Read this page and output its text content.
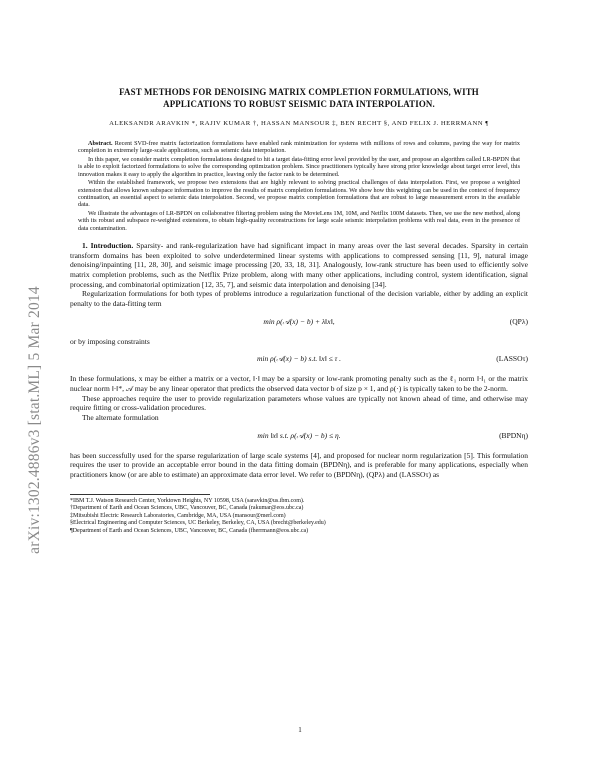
arXiv:1302.4886v3 [stat.ML] 5 Mar 2014
FAST METHODS FOR DENOISING MATRIX COMPLETION FORMULATIONS, WITH
APPLICATIONS TO ROBUST SEISMIC DATA INTERPOLATION.
ALEKSANDR ARAVKIN *, RAJIV KUMAR †, HASSAN MANSOUR ‡, BEN RECHT §, AND FELIX J. HERRMANN ¶

Abstract. Recent SVD-free matrix factorization formulations have enabled rank minimization for systems with millions of rows and columns, paving the way for matrix completion in extremely large-scale applications, such as seismic data interpolation.

In this paper, we consider matrix completion formulations designed to hit a target data-fitting error level provided by the user, and propose an algorithm called LR-BPDN that is able to exploit factorized formulations to solve the corresponding optimization problem. Since practitioners typically have strong prior knowledge about target error level, this innovation makes it easy to apply the algorithm in practice, leaving only the factor rank to be determined.

Within the established framework, we propose two extensions that are highly relevant to solving practical challenges of data interpolation. First, we propose a weighted extension that allows known subspace information to improve the results of matrix completion formulations. We show how this weighting can be used in the context of frequency continuation, an essential aspect to seismic data interpolation. Second, we propose matrix completion formulations that are robust to large measurement errors in the available data.

We illustrate the advantages of LR-BPDN on collaborative filtering problem using the MovieLens 1M, 10M, and Netflix 100M datasets. Then, we use the new method, along with its robust and subspace re-weighted extensions, to obtain high-quality reconstructions for large scale seismic interpolation problems with real data, even in the presence of data contamination.

1. Introduction. Sparsity- and rank-regularization have had significant impact in many areas over the last several decades. Sparsity in certain transform domains has been exploited to solve underdetermined linear systems with applications to compressed sensing [11, 9], natural image denoising/inpainting [11, 28, 30], and seismic image processing [20, 33, 18, 31]. Analogously, low-rank structure has been used to efficiently solve matrix completion problems, such as the Netflix Prize problem, along with many other applications, including control, system identification, signal processing, and combinatorial optimization [12, 35, 7], and seismic data interpolation and denoising [34].

Regularization formulations for both types of problems introduce a regularization functional of the decision variable, either by adding an explicit penalty to the data-fitting term

min ρ(𝒜(x) − b) + λ‖x‖,	(QPλ)

or by imposing constraints

min ρ(𝒜(x) − b) s.t. ‖x‖ ≤ τ .	(LASSOτ)

In these formulations, x may be either a matrix or a vector, ‖·‖ may be a sparsity or low-rank promoting penalty such as the ℓ₁ norm ‖·‖₁ or the matrix nuclear norm ‖·‖*, 𝒜 may be any linear operator that predicts the observed data vector b of size p × 1, and ρ(·) is typically taken to be the 2-norm.

These approaches require the user to provide regularization parameters whose values are typically not known ahead of time, and otherwise may require fitting or cross-validation procedures.

The alternate formulation

min ‖x‖ s.t. ρ(𝒜(x) − b) ≤ η.	(BPDNη)

has been successfully used for the sparse regularization of large scale systems [4], and proposed for nuclear norm regularization [5]. This formulation requires the user to provide an acceptable error bound in the data fitting domain (BPDNη), and is preferable for many applications, especially when practitioners know (or are able to estimate) an approximate data error level. We refer to (BPDNη), (QPλ) and (LASSOτ) as

*IBM T.J. Watson Research Center, Yorktown Heights, NY 10598, USA (saravkin@us.ibm.com).
†Department of Earth and Ocean Sciences, UBC, Vancouver, BC, Canada (rakumar@eos.ubc.ca)
‡Mitsubishi Electric Research Laboratories, Cambridge, MA, USA (mansour@merl.com)
§Electrical Engineering and Computer Sciences, UC Berkeley, Berkeley, CA, USA (brecht@berkeley.edu)
¶Department of Earth and Ocean Sciences, UBC, Vancouver, BC, Canada (fherrmann@eos.ubc.ca)
1
